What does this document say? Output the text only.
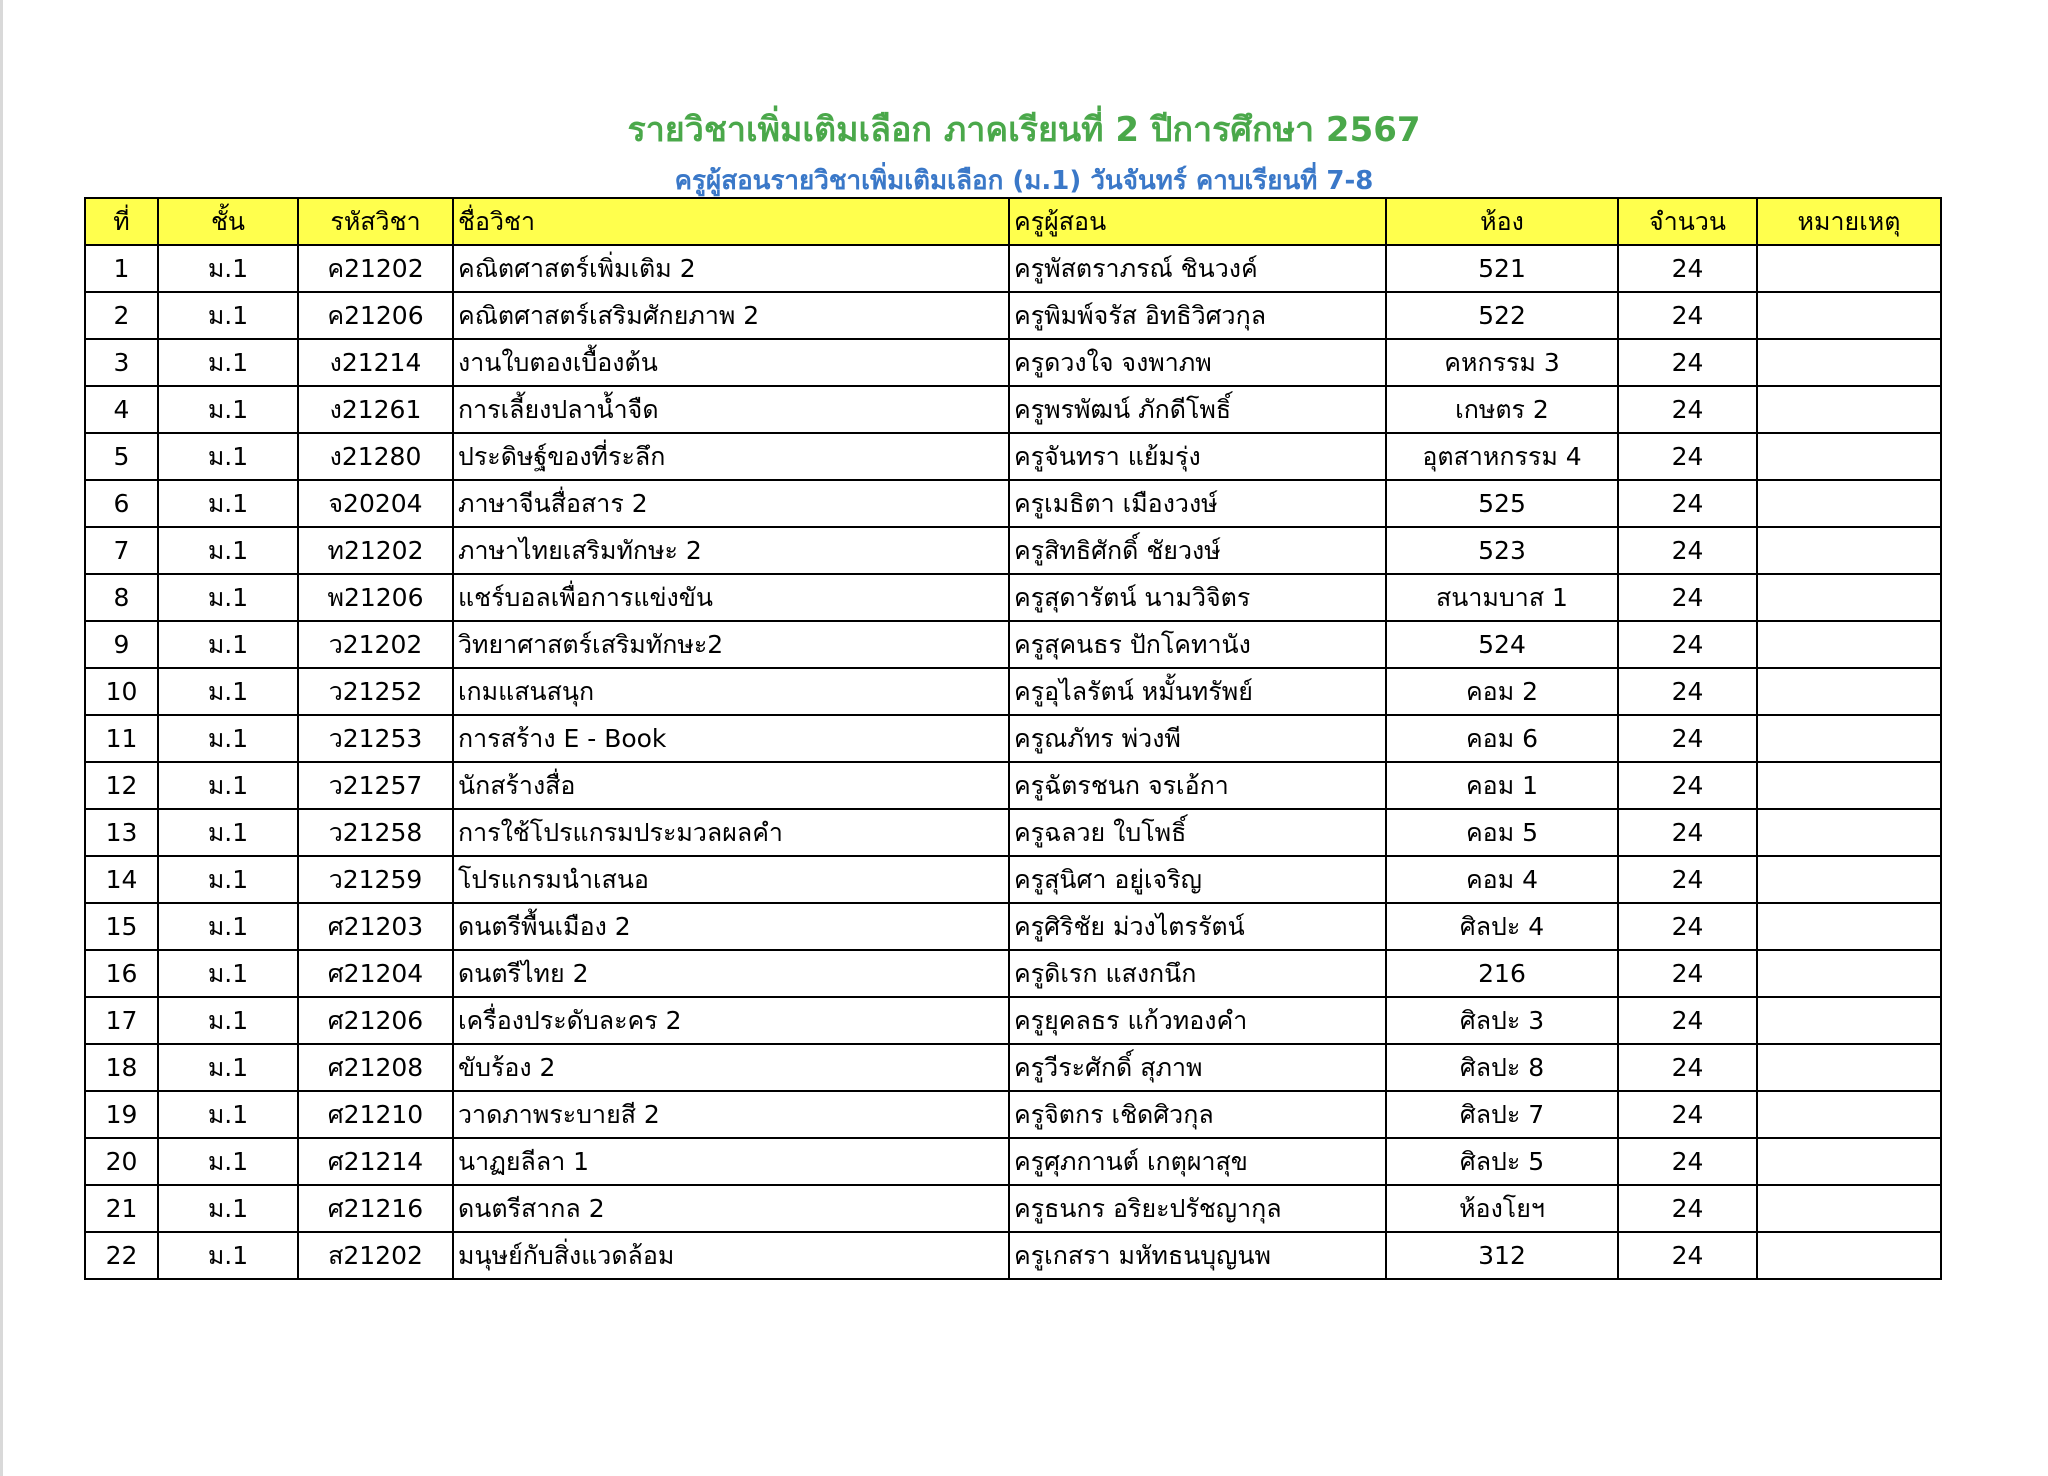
รายวิชาเพิ่มเติมเลือก ภาคเรียนที่ 2 ปีการศึกษา 2567
ครูผู้สอนรายวิชาเพิ่มเติมเลือก (ม.1) วันจันทร์ คาบเรียนที่ 7-8
ที่	ชั้น	รหัสวิชา	ชื่อวิชา	ครูผู้สอน	ห้อง	จำนวน	หมายเหตุ
1	ม.1	ค21202	คณิตศาสตร์เพิ่มเติม 2	ครูพัสตราภรณ์ ชินวงค์	521	24	
2	ม.1	ค21206	คณิตศาสตร์เสริมศักยภาพ 2	ครูพิมพ์จรัส อิทธิวิศวกุล	522	24	
3	ม.1	ง21214	งานใบตองเบื้องต้น	ครูดวงใจ จงพาภพ	คหกรรม 3	24	
4	ม.1	ง21261	การเลี้ยงปลาน้ำจืด	ครูพรพัฒน์ ภักดีโพธิ์	เกษตร 2	24	
5	ม.1	ง21280	ประดิษฐ์ของที่ระลึก	ครูจันทรา แย้มรุ่ง	อุตสาหกรรม 4	24	
6	ม.1	จ20204	ภาษาจีนสื่อสาร 2	ครูเมธิตา เมืองวงษ์	525	24	
7	ม.1	ท21202	ภาษาไทยเสริมทักษะ 2	ครูสิทธิศักดิ์ ชัยวงษ์	523	24	
8	ม.1	พ21206	แชร์บอลเพื่อการแข่งขัน	ครูสุดารัตน์ นามวิจิตร	สนามบาส 1	24	
9	ม.1	ว21202	วิทยาศาสตร์เสริมทักษะ2	ครูสุคนธร ปักโคทานัง	524	24	
10	ม.1	ว21252	เกมแสนสนุก	ครูอุไลรัตน์ หมั้นทรัพย์	คอม 2	24	
11	ม.1	ว21253	การสร้าง E - Book	ครูณภัทร พ่วงพี	คอม 6	24	
12	ม.1	ว21257	นักสร้างสื่อ	ครูฉัตรชนก จรเอ้กา	คอม 1	24	
13	ม.1	ว21258	การใช้โปรแกรมประมวลผลคำ	ครูฉลวย ใบโพธิ์	คอม 5	24	
14	ม.1	ว21259	โปรแกรมนำเสนอ	ครูสุนิศา อยู่เจริญ	คอม 4	24	
15	ม.1	ศ21203	ดนตรีพื้นเมือง 2	ครูศิริชัย ม่วงไตรรัตน์	ศิลปะ 4	24	
16	ม.1	ศ21204	ดนตรีไทย 2	ครูดิเรก แสงกนึก	216	24	
17	ม.1	ศ21206	เครื่องประดับละคร 2	ครูยุคลธร แก้วทองคำ	ศิลปะ 3	24	
18	ม.1	ศ21208	ขับร้อง 2	ครูวีระศักดิ์ สุภาพ	ศิลปะ 8	24	
19	ม.1	ศ21210	วาดภาพระบายสี 2	ครูจิตกร เชิดศิวกุล	ศิลปะ 7	24	
20	ม.1	ศ21214	นาฏยลีลา 1	ครูศุภกานต์ เกตุผาสุข	ศิลปะ 5	24	
21	ม.1	ศ21216	ดนตรีสากล 2	ครูธนกร อริยะปรัชญากุล	ห้องโยฯ	24	
22	ม.1	ส21202	มนุษย์กับสิ่งแวดล้อม	ครูเกสรา มหัทธนบุญนพ	312	24	
